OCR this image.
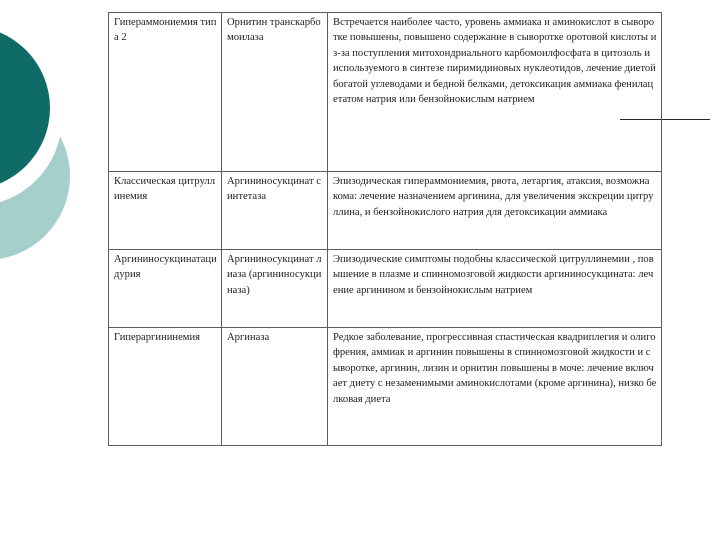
Гипераммониемия типа 2	Орнитин транскарбомоилаза	Встречается наиболее часто, уровень аммиака и аминокислот в сыворотке повышены, повышено содержание в сыворотке оротовой кислоты из-за поступления митохондриального карбомоилфосфата в цитозоль и используемого в синтезе пиримидиновых нуклеотидов, лечение диетой богатой углеводами и бедной белками, детоксикация аммиака фенилацетатом натрия или бензойнокислым натрием
Классическая цитруллинемия	Аргининосукцинат синтетаза	Эпизодическая гипераммониемия, рвота, летаргия, атаксия, возможна кома: лечение назначением аргинина, для увеличения экскреции цитруллина, и бензойнокислого натрия для детоксикации аммиака
Аргининосукцинатацидурия	Аргининосукцинат лиаза (аргининосукциназа)	Эпизодические симптомы подобны классической цитруллинемии , повышение в плазме и спинномозговой жидкости аргининосукцината: лечение аргинином и бензойнокислым натрием
Гипераргининемия	Аргиназа	Редкое заболевание, прогрессивная спастическая квадриплегия и олигофрения, аммиак и аргинин повышены в спинномозговой жидкости и сыворотке, аргинин, лизин и орнитин повышены в моче: лечение включает диету с незаменимыми аминокислотами (кроме аргинина), низко белковая диета
